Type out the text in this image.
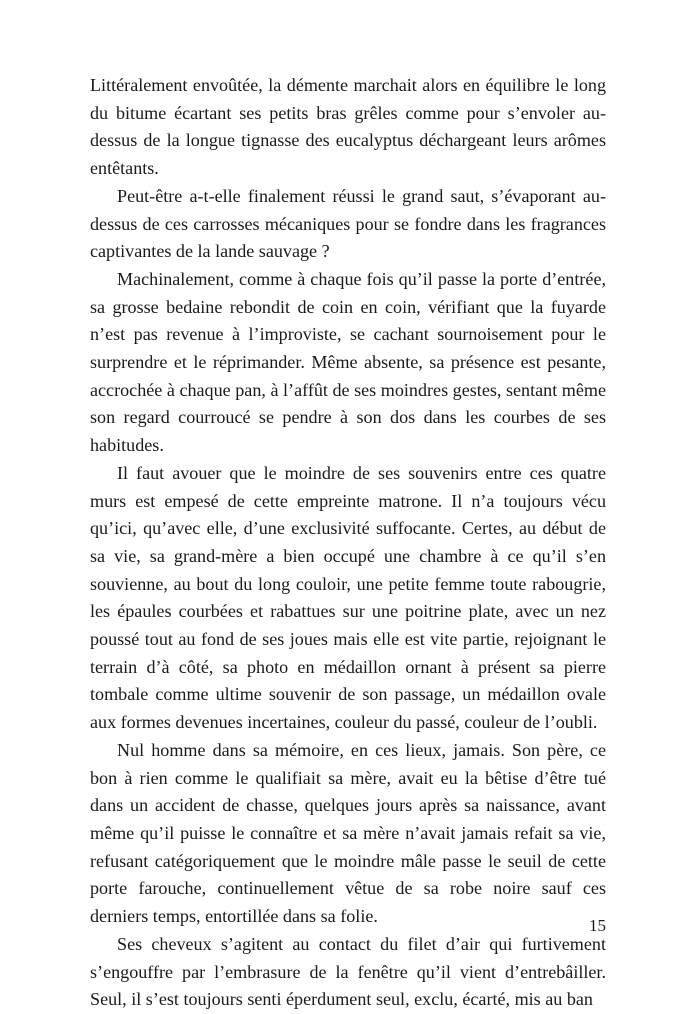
Littéralement envoûtée, la démente marchait alors en équilibre le long du bitume écartant ses petits bras grêles comme pour s’envoler au-dessus de la longue tignasse des eucalyptus déchargeant leurs arômes entêtants.

Peut-être a-t-elle finalement réussi le grand saut, s’évaporant au-dessus de ces carrosses mécaniques pour se fondre dans les fragrances captivantes de la lande sauvage ?

Machinalement, comme à chaque fois qu’il passe la porte d’entrée, sa grosse bedaine rebondit de coin en coin, vérifiant que la fuyarde n’est pas revenue à l’improviste, se cachant sournoisement pour le surprendre et le réprimander. Même absente, sa présence est pesante, accrochée à chaque pan, à l’affût de ses moindres gestes, sentant même son regard courroucé se pendre à son dos dans les courbes de ses habitudes.

Il faut avouer que le moindre de ses souvenirs entre ces quatre murs est empesé de cette empreinte matrone. Il n’a toujours vécu qu’ici, qu’avec elle, d’une exclusivité suffocante. Certes, au début de sa vie, sa grand-mère a bien occupé une chambre à ce qu’il s’en souvienne, au bout du long couloir, une petite femme toute rabougrie, les épaules courbées et rabattues sur une poitrine plate, avec un nez poussé tout au fond de ses joues mais elle est vite partie, rejoignant le terrain d’à côté, sa photo en médaillon ornant à présent sa pierre tombale comme ultime souvenir de son passage, un médaillon ovale aux formes devenues incertaines, couleur du passé, couleur de l’oubli.

Nul homme dans sa mémoire, en ces lieux, jamais. Son père, ce bon à rien comme le qualifiait sa mère, avait eu la bêtise d’être tué dans un accident de chasse, quelques jours après sa naissance, avant même qu’il puisse le connaître et sa mère n’avait jamais refait sa vie, refusant catégoriquement que le moindre mâle passe le seuil de cette porte farouche, continuellement vêtue de sa robe noire sauf ces derniers temps, entortillée dans sa folie.

Ses cheveux s’agitent au contact du filet d’air qui furtivement s’engouffre par l’embrasure de la fenêtre qu’il vient d’entrebâiller. Seul, il s’est toujours senti éperdument seul, exclu, écarté, mis au ban

15
